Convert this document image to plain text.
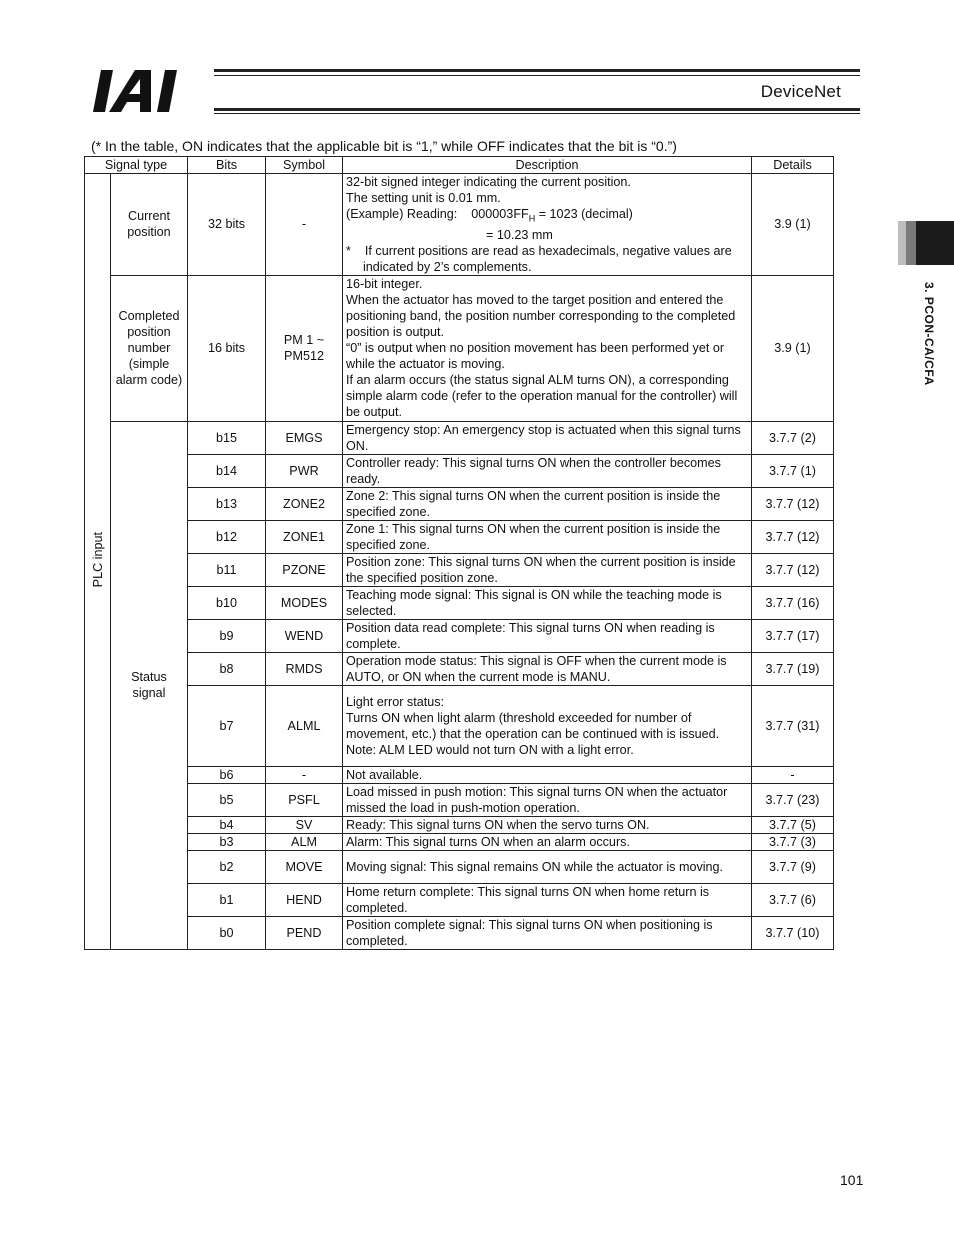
IAI	DeviceNet
3. PCON-CA/CFA
(* In the table, ON indicates that the applicable bit is “1,” while OFF indicates that the bit is “0.”)
Signal type		Bits	Symbol	Description	Details
PLC input	Current position	32 bits	-	32-bit signed integer indicating the current position.
The setting unit is 0.01 mm.
(Example) Reading:    $000003FF_H = 1023$ (decimal)
= 10.23 mm
*    If current positions are read as hexadecimals, negative values are indicated by 2’s complements.	3.9 (1)
	Completed position number (simple alarm code)	16 bits	PM 1 ~ PM512	16-bit integer.
When the actuator has moved to the target position and entered the positioning band, the position number corresponding to the completed position is output.
“0” is output when no position movement has been performed yet or while the actuator is moving.
If an alarm occurs (the status signal ALM turns ON), a corresponding simple alarm code (refer to the operation manual for the controller) will be output.	3.9 (1)
	Status signal	b15	EMGS	Emergency stop: An emergency stop is actuated when this signal turns ON.	3.7.7 (2)
		b14	PWR	Controller ready: This signal turns ON when the controller becomes ready.	3.7.7 (1)
		b13	ZONE2	Zone 2: This signal turns ON when the current position is inside the specified zone.	3.7.7 (12)
		b12	ZONE1	Zone 1: This signal turns ON when the current position is inside the specified zone.	3.7.7 (12)
		b11	PZONE	Position zone: This signal turns ON when the current position is inside the specified position zone.	3.7.7 (12)
		b10	MODES	Teaching mode signal: This signal is ON while the teaching mode is selected.	3.7.7 (16)
		b9	WEND	Position data read complete: This signal turns ON when reading is complete.	3.7.7 (17)
		b8	RMDS	Operation mode status: This signal is OFF when the current mode is AUTO, or ON when the current mode is MANU.	3.7.7 (19)
		b7	ALML	Light error status:
Turns ON when light alarm (threshold exceeded for number of movement, etc.) that the operation can be continued with is issued.
Note: ALM LED would not turn ON with a light error.	3.7.7 (31)
		b6	-	Not available.	-
		b5	PSFL	Load missed in push motion: This signal turns ON when the actuator missed the load in push-motion operation.	3.7.7 (23)
		b4	SV	Ready: This signal turns ON when the servo turns ON.	3.7.7 (5)
		b3	ALM	Alarm: This signal turns ON when an alarm occurs.	3.7.7 (3)
		b2	MOVE	Moving signal: This signal remains ON while the actuator is moving.	3.7.7 (9)
		b1	HEND	Home return complete: This signal turns ON when home return is completed.	3.7.7 (6)
		b0	PEND	Position complete signal: This signal turns ON when positioning is completed.	3.7.7 (10)
101
